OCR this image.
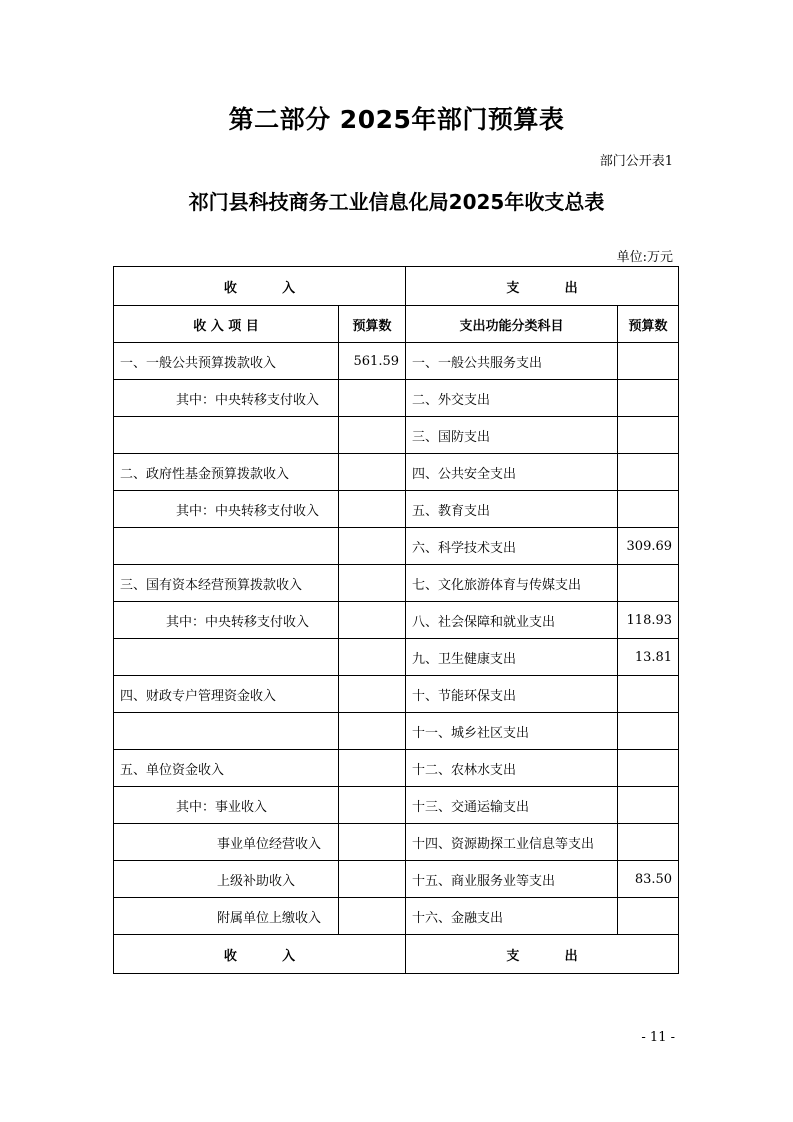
第二部分 2025年部门预算表
部门公开表1
祁门县科技商务工业信息化局2025年收支总表
单位:万元
收          入		支          出	
收 入 项 目	预算数	支出功能分类科目	预算数
一、一般公共预算拨款收入	561.59	一、一般公共服务支出	
其中：中央转移支付收入		二、外交支出	
		三、国防支出	
二、政府性基金预算拨款收入		四、公共安全支出	
其中：中央转移支付收入		五、教育支出	
		六、科学技术支出	309.69
三、国有资本经营预算拨款收入		七、文化旅游体育与传媒支出	
其中：中央转移支付收入		八、社会保障和就业支出	118.93
		九、卫生健康支出	13.81
四、财政专户管理资金收入		十、节能环保支出	
		十一、城乡社区支出	
五、单位资金收入		十二、农林水支出	
其中：事业收入		十三、交通运输支出	
事业单位经营收入		十四、资源勘探工业信息等支出	
上级补助收入		十五、商业服务业等支出	83.50
附属单位上缴收入		十六、金融支出	
收          入		支          出	
- 11 -
